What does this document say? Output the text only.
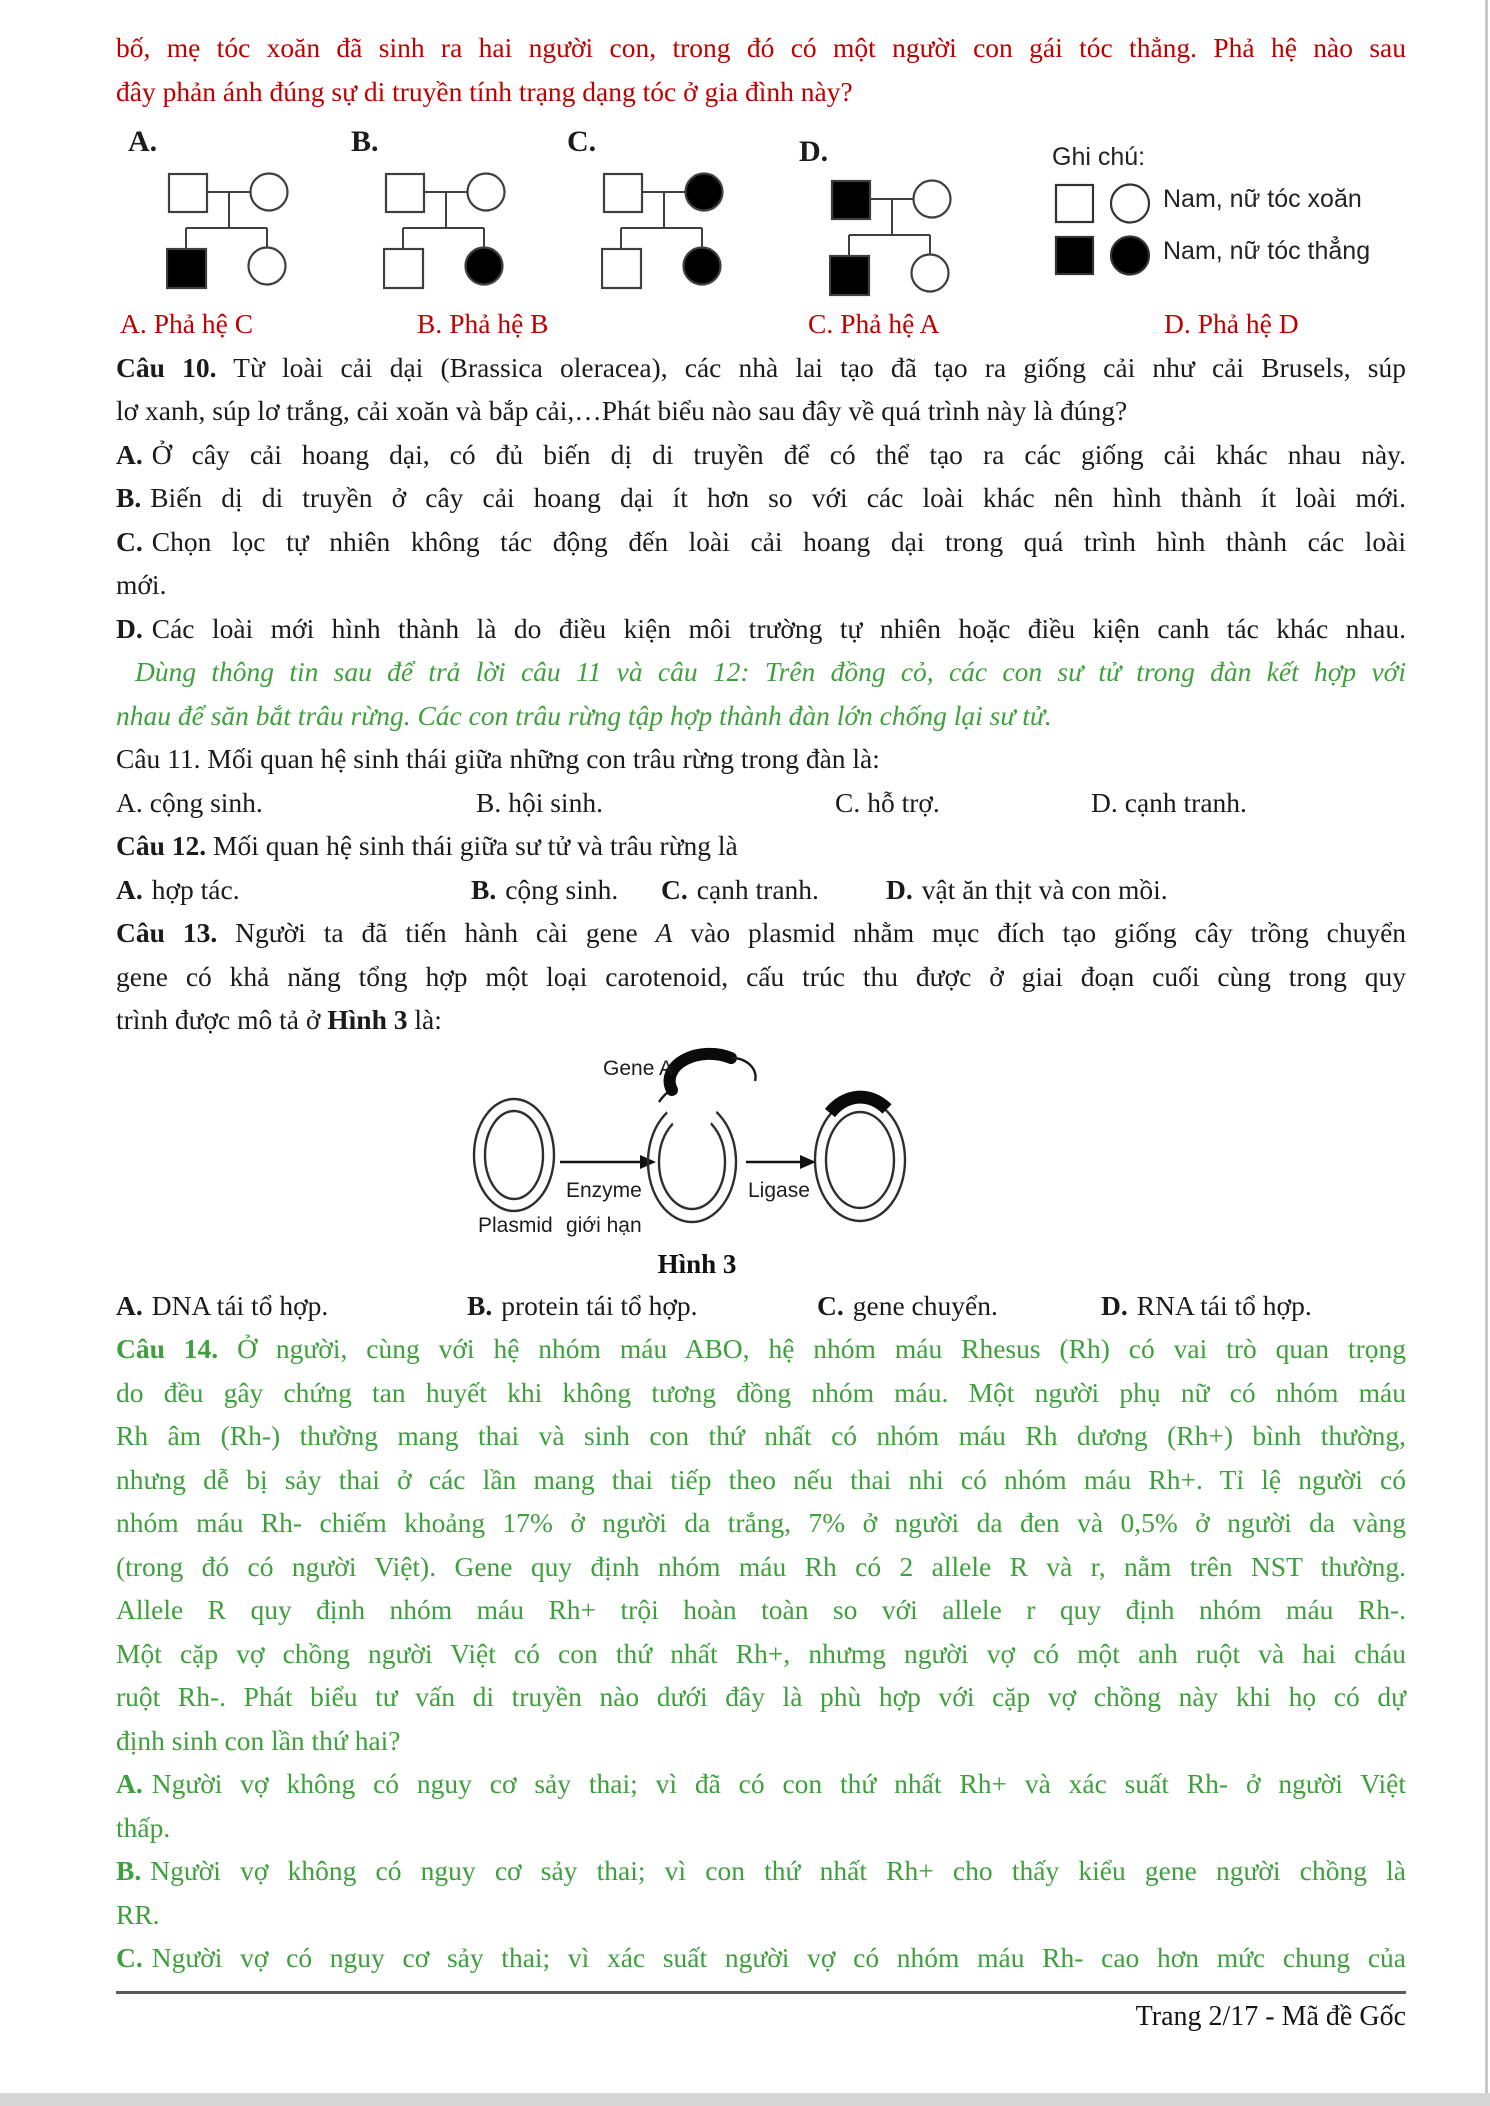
bố, mẹ tóc xoăn đã sinh ra hai người con, trong đó có một người con gái tóc thẳng. Phả hệ nào sau
đây phản ánh đúng sự di truyền tính trạng dạng tóc ở gia đình này?
A.	B.	C.	D.	Ghi chú:
Nam, nữ tóc xoăn
Nam, nữ tóc thẳng
A. Phả hệ C	B. Phả hệ B	C. Phả hệ A	D. Phả hệ D
Câu 10. Từ loài cải dại (Brassica oleracea), các nhà lai tạo đã tạo ra giống cải như cải Brusels, súp
lơ xanh, súp lơ trắng, cải xoăn và bắp cải,…Phát biểu nào sau đây về quá trình này là đúng?
A. Ở cây cải hoang dại, có đủ biến dị di truyền để có thể tạo ra các giống cải khác nhau này.
B. Biến dị di truyền ở cây cải hoang dại ít hơn so với các loài khác nên hình thành ít loài mới.
C. Chọn lọc tự nhiên không tác động đến loài cải hoang dại trong quá trình hình thành các loài
mới.
D. Các loài mới hình thành là do điều kiện môi trường tự nhiên hoặc điều kiện canh tác khác nhau.
Dùng thông tin sau để trả lời câu 11 và câu 12: Trên đồng cỏ, các con sư tử trong đàn kết hợp với
nhau để săn bắt trâu rừng. Các con trâu rừng tập hợp thành đàn lớn chống lại sư tử.
Câu 11. Mối quan hệ sinh thái giữa những con trâu rừng trong đàn là:
A. cộng sinh.	B. hội sinh.	C. hỗ trợ.	D. cạnh tranh.
Câu 12. Mối quan hệ sinh thái giữa sư tử và trâu rừng là
A. hợp tác.	B. cộng sinh. C. cạnh tranh. D. vật ăn thịt và con mồi.
Câu 13. Người ta đã tiến hành cài gene A vào plasmid nhằm mục đích tạo giống cây trồng chuyển
gene có khả năng tổng hợp một loại carotenoid, cấu trúc thu được ở giai đoạn cuối cùng trong quy
trình được mô tả ở Hình 3 là:
Gene A
Plasmid
Enzyme
giới hạn
Ligase
Hình 3
A. DNA tái tổ hợp.	B. protein tái tổ hợp.	C. gene chuyển.	D. RNA tái tổ hợp.
Câu 14. Ở người, cùng với hệ nhóm máu ABO, hệ nhóm máu Rhesus (Rh) có vai trò quan trọng
do đều gây chứng tan huyết khi không tương đồng nhóm máu. Một người phụ nữ có nhóm máu
Rh âm (Rh-) thường mang thai và sinh con thứ nhất có nhóm máu Rh dương (Rh+) bình thường,
nhưng dễ bị sảy thai ở các lần mang thai tiếp theo nếu thai nhi có nhóm máu Rh+. Tỉ lệ người có
nhóm máu Rh- chiếm khoảng 17% ở người da trắng, 7% ở người da đen và 0,5% ở người da vàng
(trong đó có người Việt). Gene quy định nhóm máu Rh có 2 allele R và r, nằm trên NST thường.
Allele R quy định nhóm máu Rh+ trội hoàn toàn so với allele r quy định nhóm máu Rh-.
Một cặp vợ chồng người Việt có con thứ nhất Rh+, nhưmg người vợ có một anh ruột và hai cháu
ruột Rh-. Phát biểu tư vấn di truyền nào dưới đây là phù hợp với cặp vợ chồng này khi họ có dự
định sinh con lần thứ hai?
A. Người vợ không có nguy cơ sảy thai; vì đã có con thứ nhất Rh+ và xác suất Rh- ở người Việt
thấp.
B. Người vợ không có nguy cơ sảy thai; vì con thứ nhất Rh+ cho thấy kiểu gene người chồng là
RR.
C. Người vợ có nguy cơ sảy thai; vì xác suất người vợ có nhóm máu Rh- cao hơn mức chung của
Trang 2/17 - Mã đề Gốc
